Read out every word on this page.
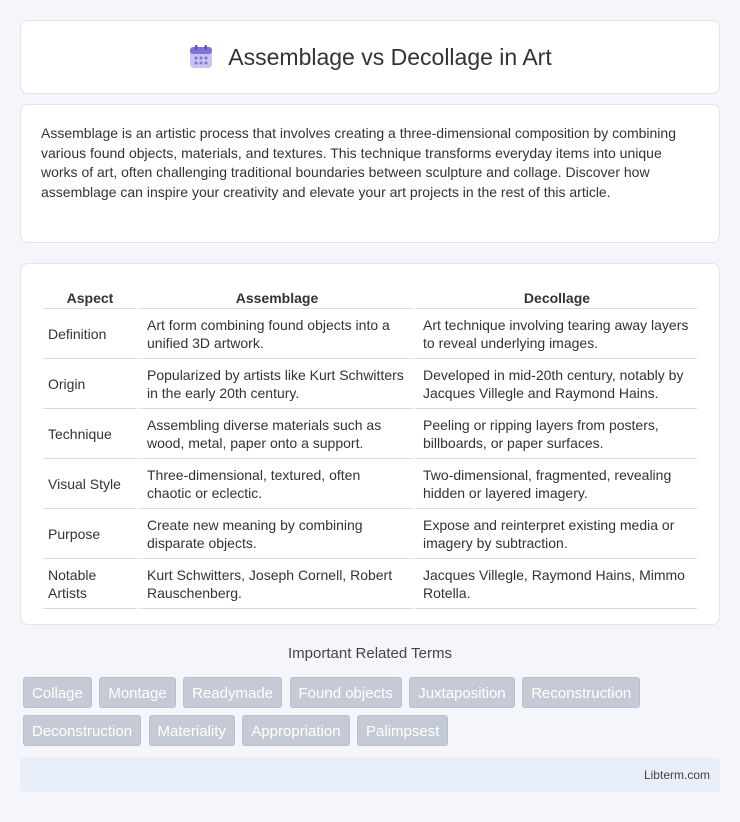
Assemblage vs Decollage in Art

Assemblage is an artistic process that involves creating a three-dimensional composition by combining various found objects, materials, and textures. This technique transforms everyday items into unique works of art, often challenging traditional boundaries between sculpture and collage. Discover how assemblage can inspire your creativity and elevate your art projects in the rest of this article.

Aspect	Assemblage	Decollage
Definition	Art form combining found objects into a unified 3D artwork.	Art technique involving tearing away layers to reveal underlying images.
Origin	Popularized by artists like Kurt Schwitters in the early 20th century.	Developed in mid-20th century, notably by Jacques Villegle and Raymond Hains.
Technique	Assembling diverse materials such as wood, metal, paper onto a support.	Peeling or ripping layers from posters, billboards, or paper surfaces.
Visual Style	Three-dimensional, textured, often chaotic or eclectic.	Two-dimensional, fragmented, revealing hidden or layered imagery.
Purpose	Create new meaning by combining disparate objects.	Expose and reinterpret existing media or imagery by subtraction.
Notable Artists	Kurt Schwitters, Joseph Cornell, Robert Rauschenberg.	Jacques Villegle, Raymond Hains, Mimmo Rotella.
Important Related Terms
Collage Montage Readymade Found objects Juxtaposition Reconstruction Deconstruction Materiality Appropriation Palimpsest
Libterm.com
